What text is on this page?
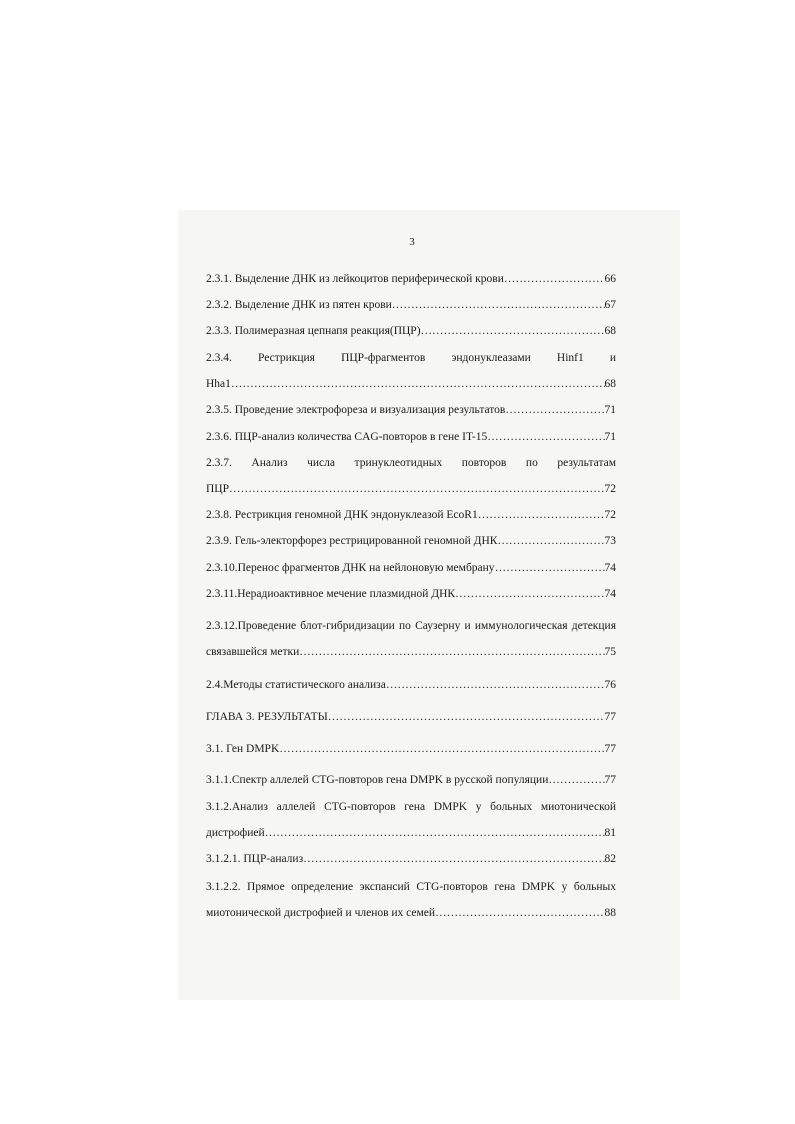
3
2.3.1. Выделение ДНК из лейкоцитов периферической крови ………………………………………………………………………………………………………………………………………………………	66
2.3.2. Выделение ДНК из пятен крови ………………………………………………………………………………………………………………………………………………………	67
2.3.3. Полимеразная цепнапя реакция(ПЦР) ………………………………………………………………………………………………………………………………………………………	68
2.3.4. Рестрикция ПЦР-фрагментов эндонуклеазами Hinf1 и
Hha1 ………………………………………………………………………………………………………………………………………………………	68
2.3.5. Проведение электрофореза и визуализация результатов ………………………………………………………………………………………………………………………………………………………	71
2.3.6. ПЦР-анализ количества CAG-повторов в гене IT-15 ………………………………………………………………………………………………………………………………………………………	71
2.3.7. Анализ числа тринуклеотидных повторов по результатам
ПЦР ………………………………………………………………………………………………………………………………………………………	72
2.3.8. Рестрикция геномной ДНК эндонуклеазой EcoR1 ………………………………………………………………………………………………………………………………………………………	72
2.3.9. Гель-электорфорез рестрицированной геномной ДНК ………………………………………………………………………………………………………………………………………………………	73
2.3.10.Перенос фрагментов ДНК на нейлоновую мембрану ………………………………………………………………………………………………………………………………………………………	74
2.3.11.Нерадиоактивное мечение плазмидной ДНК ………………………………………………………………………………………………………………………………………………………	74
2.3.12.Проведение блот-гибридизации по Саузерну и иммунологическая детекция
связавшейся метки ………………………………………………………………………………………………………………………………………………………	75
2.4.Методы статистического анализа ………………………………………………………………………………………………………………………………………………………	76
ГЛАВА 3. РЕЗУЛЬТАТЫ ………………………………………………………………………………………………………………………………………………………	77
3.1. Ген DMPK ………………………………………………………………………………………………………………………………………………………	77
3.1.1.Спектр аллелей CTG-повторов гена DMPK в русской популяции ………………………………………………………………………………………………………………………………………………………	77
3.1.2.Анализ аллелей CTG-повторов гена DMPK у больных миотонической
дистрофией ………………………………………………………………………………………………………………………………………………………	81
3.1.2.1. ПЦР-анализ ………………………………………………………………………………………………………………………………………………………	82
3.1.2.2. Прямое определение экспансий CTG-повторов гена DMPK у больных
миотонической дистрофией и членов их семей ………………………………………………………………………………………………………………………………………………………	88
